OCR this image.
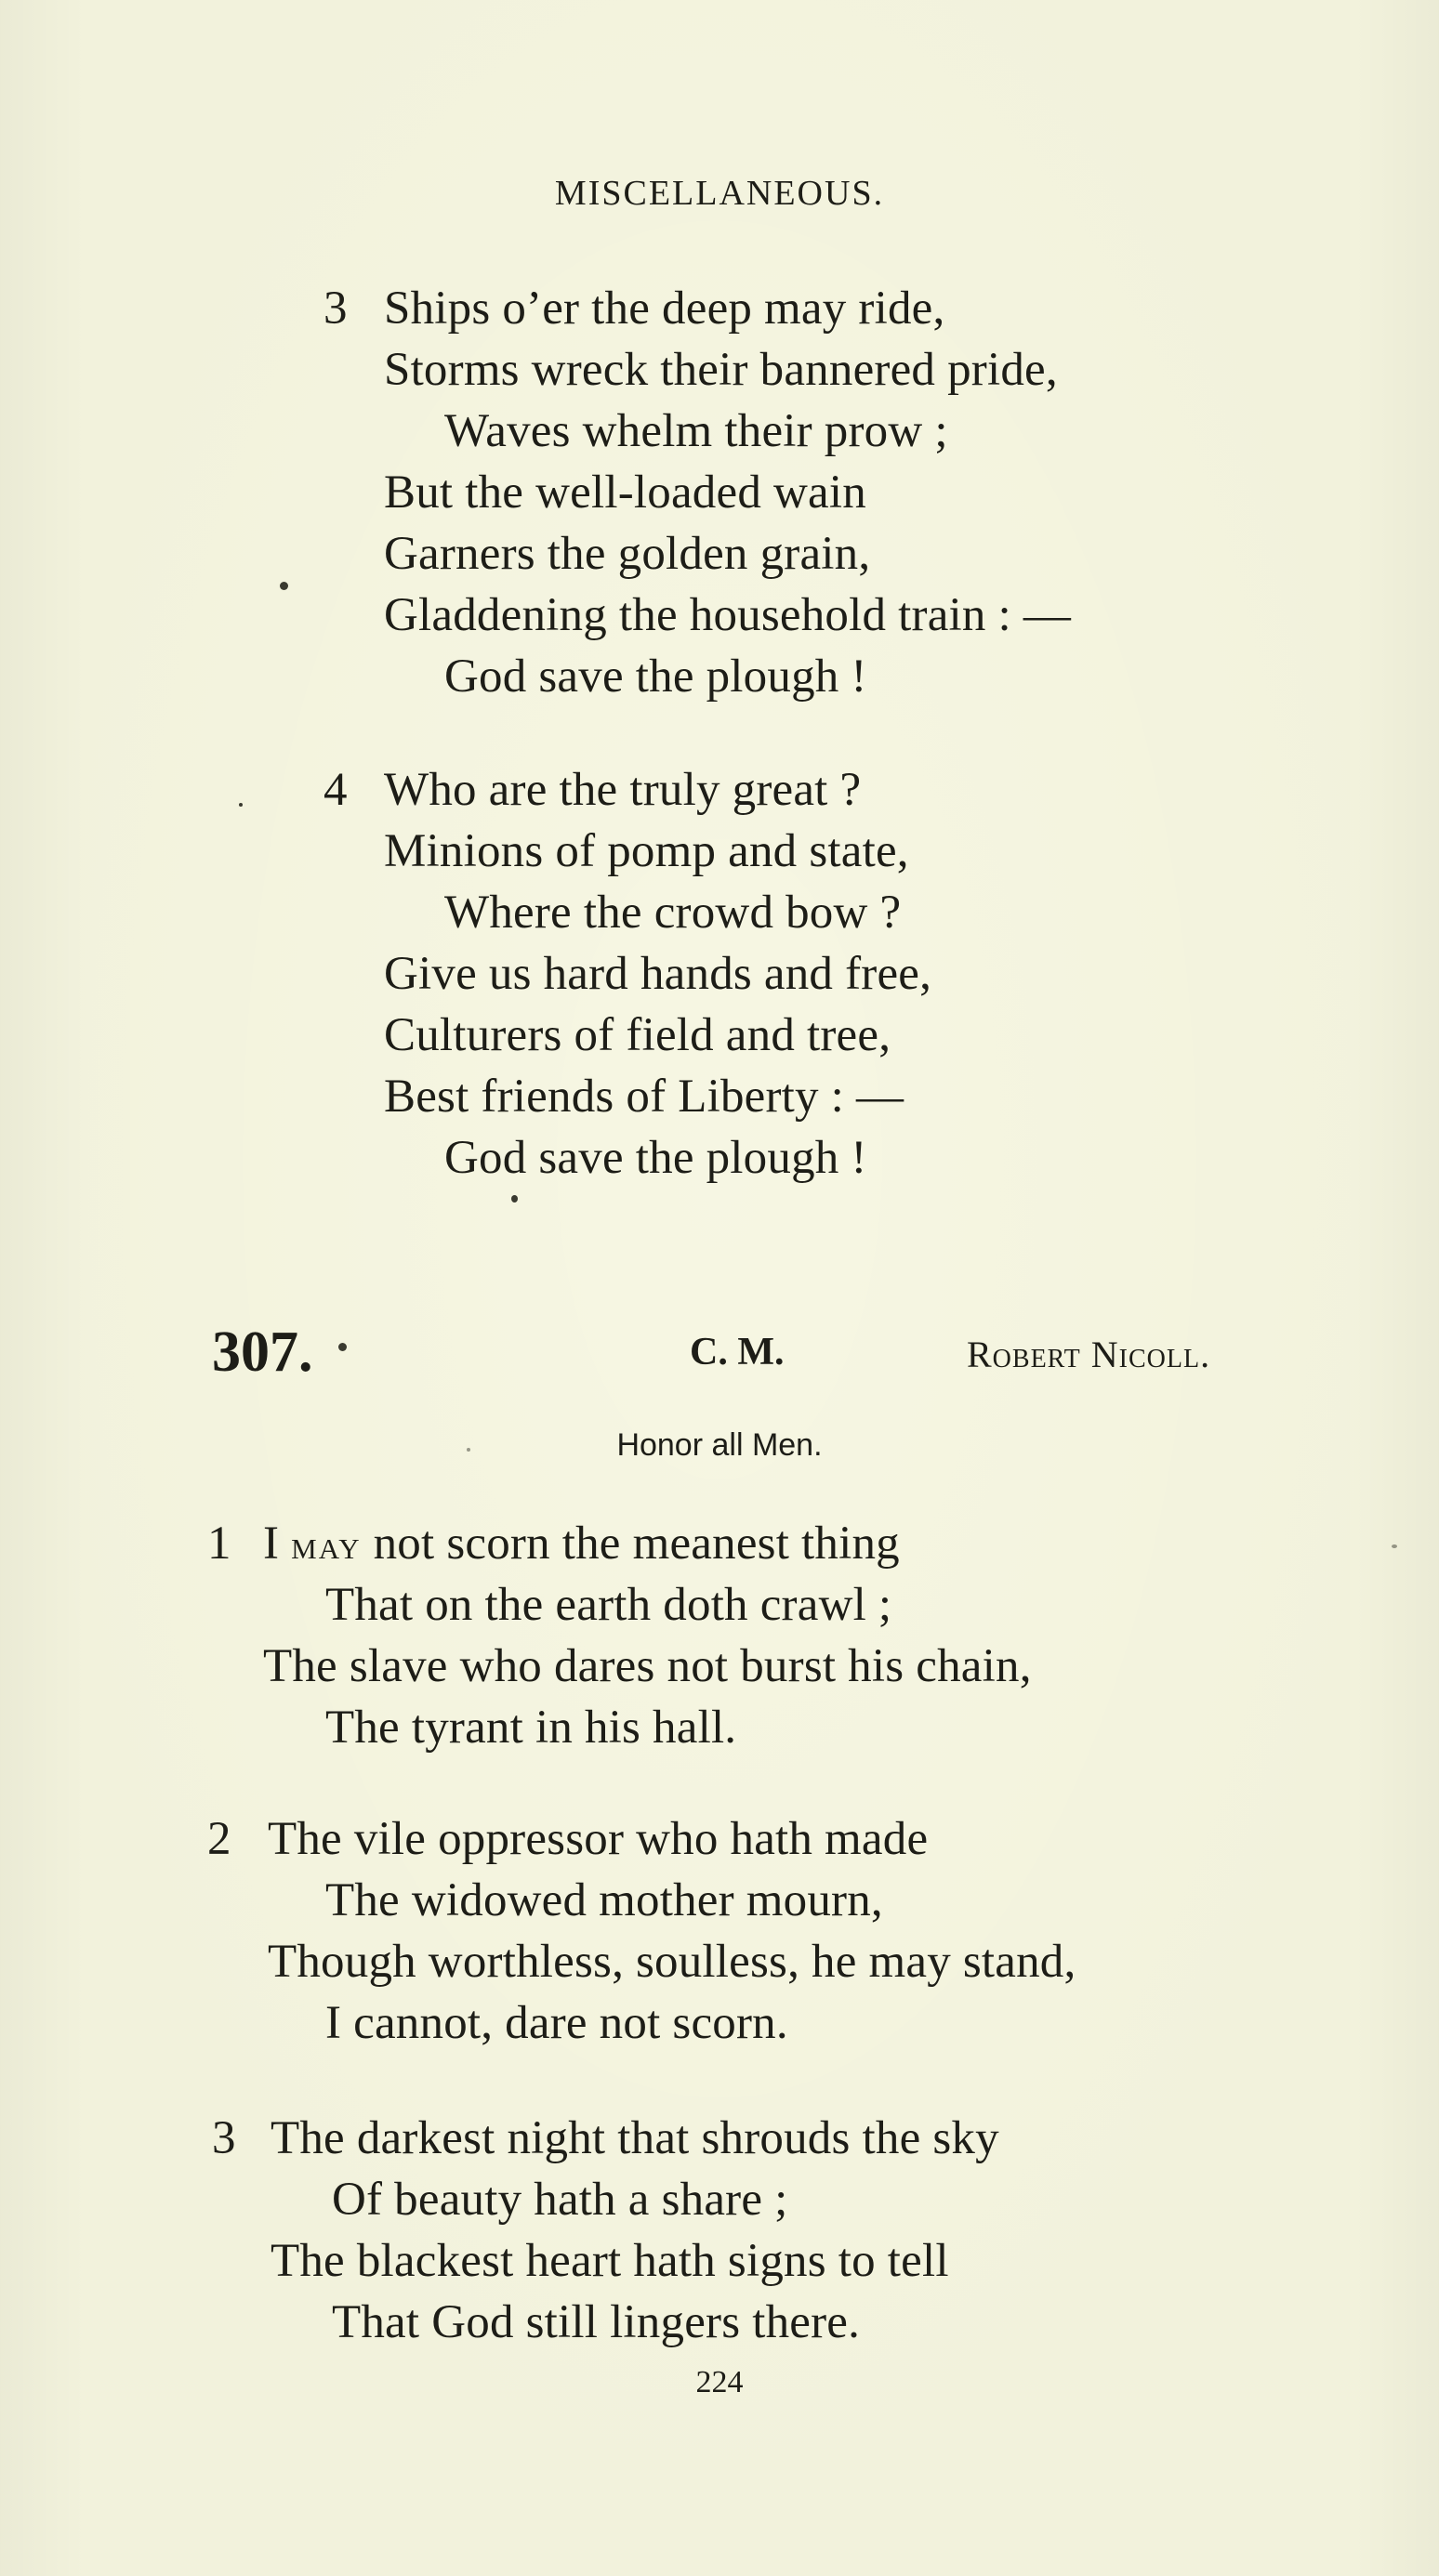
MISCELLANEOUS.
3 Ships o’er the deep may ride,
Storms wreck their bannered pride,
Waves whelm their prow ;
But the well-loaded wain
Garners the golden grain,
Gladdening the household train : —
God save the plough !
4 Who are the truly great ?
Minions of pomp and state,
Where the crowd bow ?
Give us hard hands and free,
Culturers of field and tree,
Best friends of Liberty : —
God save the plough !
307.	C. M.	Robert Nicoll.
Honor all Men.
1 I may not scorn the meanest thing
That on the earth doth crawl ;
The slave who dares not burst his chain,
The tyrant in his hall.
2 The vile oppressor who hath made
The widowed mother mourn,
Though worthless, soulless, he may stand,
I cannot, dare not scorn.
3 The darkest night that shrouds the sky
Of beauty hath a share ;
The blackest heart hath signs to tell
That God still lingers there.
224
